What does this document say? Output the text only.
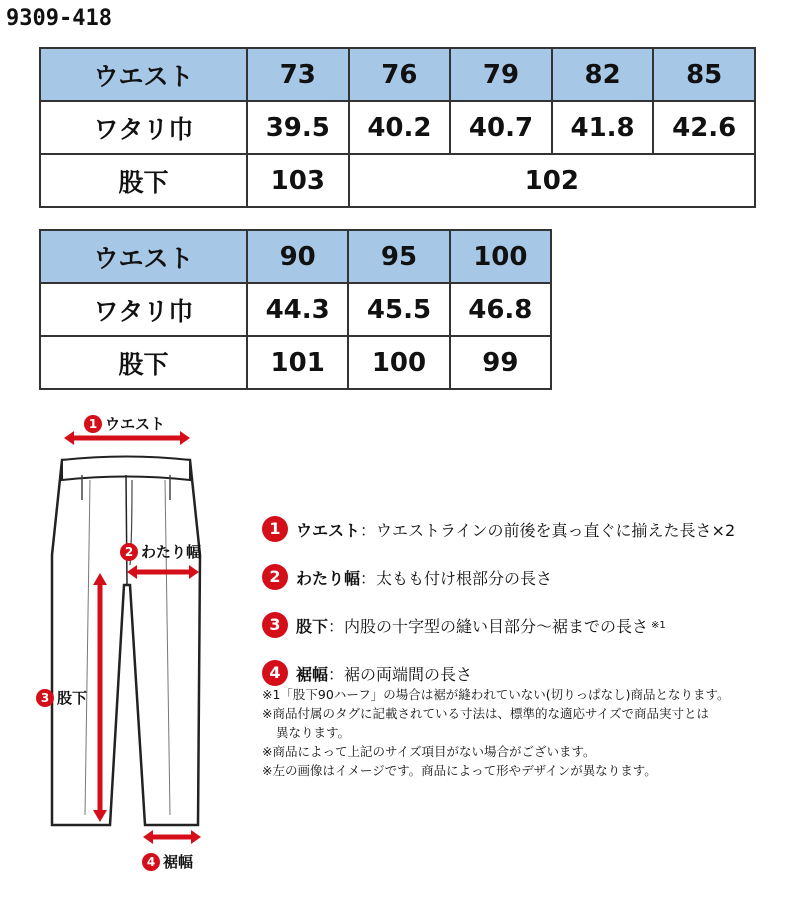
9309-418
ウエスト	73	76	79	82	85
ワタリ巾	39.5	40.2	40.7	41.8	42.6
股下	103	102			
ウエスト	90	95	100
ワタリ巾	44.3	45.5	46.8
股下	101	100	99
1 ウエスト
2 わたり幅
3 股下
4 裾幅
1 ウエスト ：ウエストラインの前後を真っ直ぐに揃えた長さ×2
2 わたり幅 ：太もも付け根部分の長さ
3 股下 ：内股の十字型の縫い目部分〜裾までの長さ ※1
4 裾幅 ：裾の両端間の長さ

※1「股下90ハーフ」の場合は裾が縫われていない(切りっぱなし)商品となります。

※商品付属のタグに記載されている寸法は、標準的な適応サイズで商品実寸とは

異なります。

※商品によって上記のサイズ項目がない場合がございます。

※左の画像はイメージです。商品によって形やデザインが異なります。
